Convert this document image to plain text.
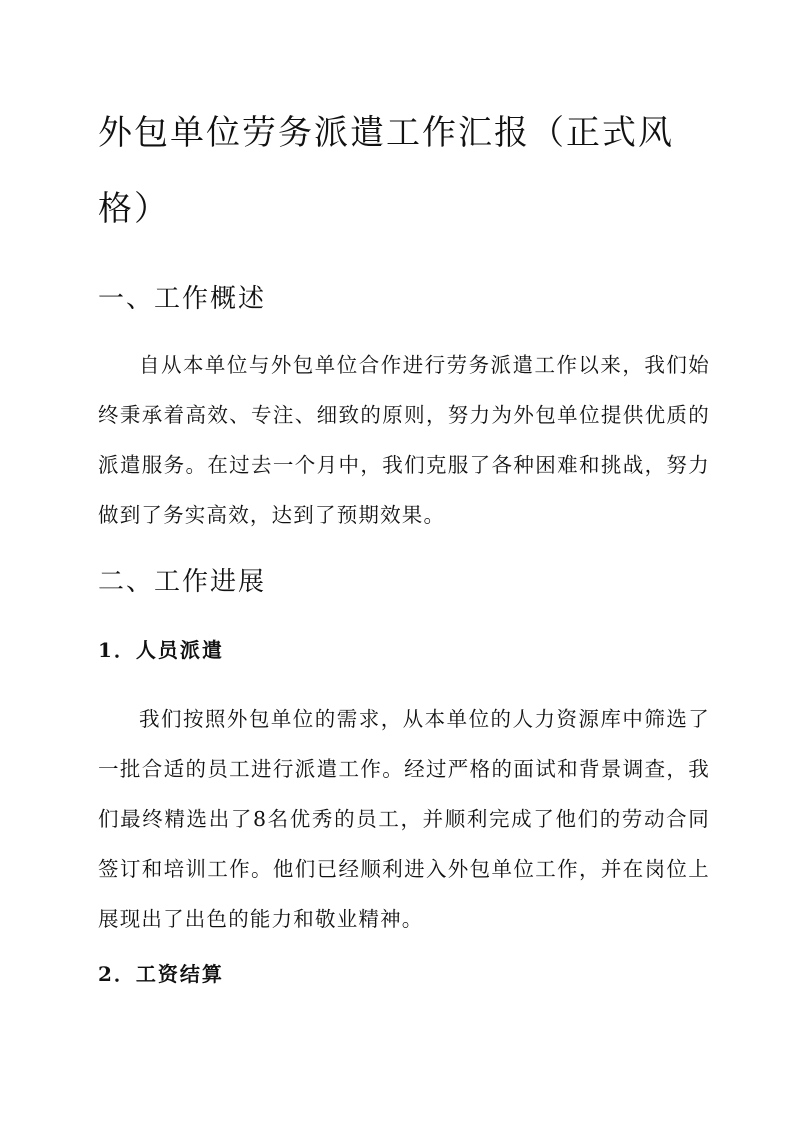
外包单位劳务派遣工作汇报（正式风格）
一、工作概述

自从本单位与外包单位合作进行劳务派遣工作以来，我们始终秉承着高效、专注、细致的原则，努力为外包单位提供优质的派遣服务。在过去一个月中，我们克服了各种困难和挑战，努力做到了务实高效，达到了预期效果。

二、工作进展
1．人员派遣

我们按照外包单位的需求，从本单位的人力资源库中筛选了一批合适的员工进行派遣工作。经过严格的面试和背景调查，我们最终精选出了8名优秀的员工，并顺利完成了他们的劳动合同签订和培训工作。他们已经顺利进入外包单位工作，并在岗位上展现出了出色的能力和敬业精神。

2．工资结算
